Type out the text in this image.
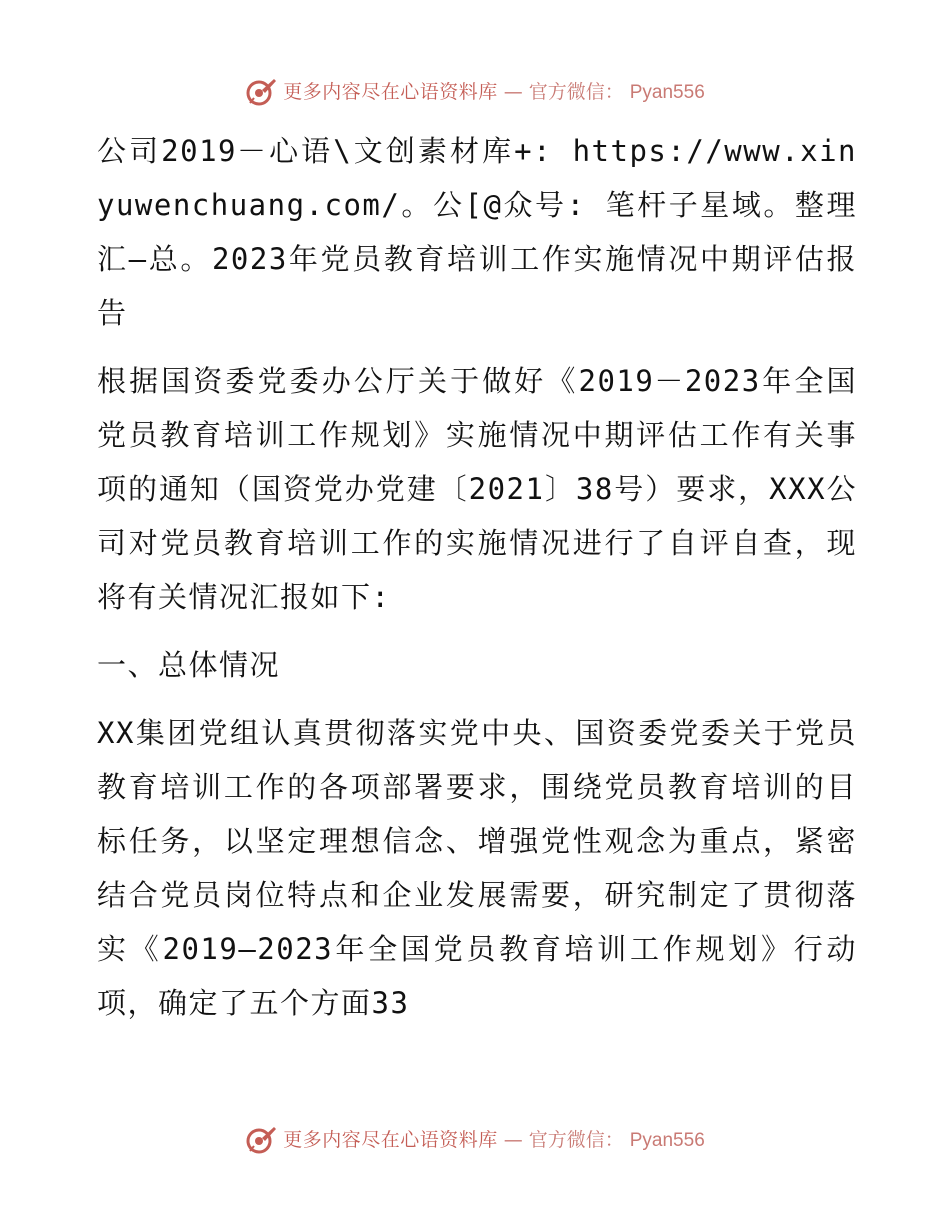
更多内容尽在心语资料库 — 官方微信： Pyan556

公司2019－心语\文创素材库+: https://www.xinyuwenchuang.com/。公[@众号: 笔杆子星域。整理汇—总。2023年党员教育培训工作实施情况中期评估报告

根据国资委党委办公厅关于做好《2019－2023年全国党员教育培训工作规划》实施情况中期评估工作有关事项的通知（国资党办党建〔2021〕38号）要求，XXX公司对党员教育培训工作的实施情况进行了自评自查，现将有关情况汇报如下:

一、总体情况

XX集团党组认真贯彻落实党中央、国资委党委关于党员教育培训工作的各项部署要求，围绕党员教育培训的目标任务，以坚定理想信念、增强党性观念为重点，紧密结合党员岗位特点和企业发展需要，研究制定了贯彻落实《2019—2023年全国党员教育培训工作规划》行动项，确定了五个方面33

更多内容尽在心语资料库 — 官方微信： Pyan556
